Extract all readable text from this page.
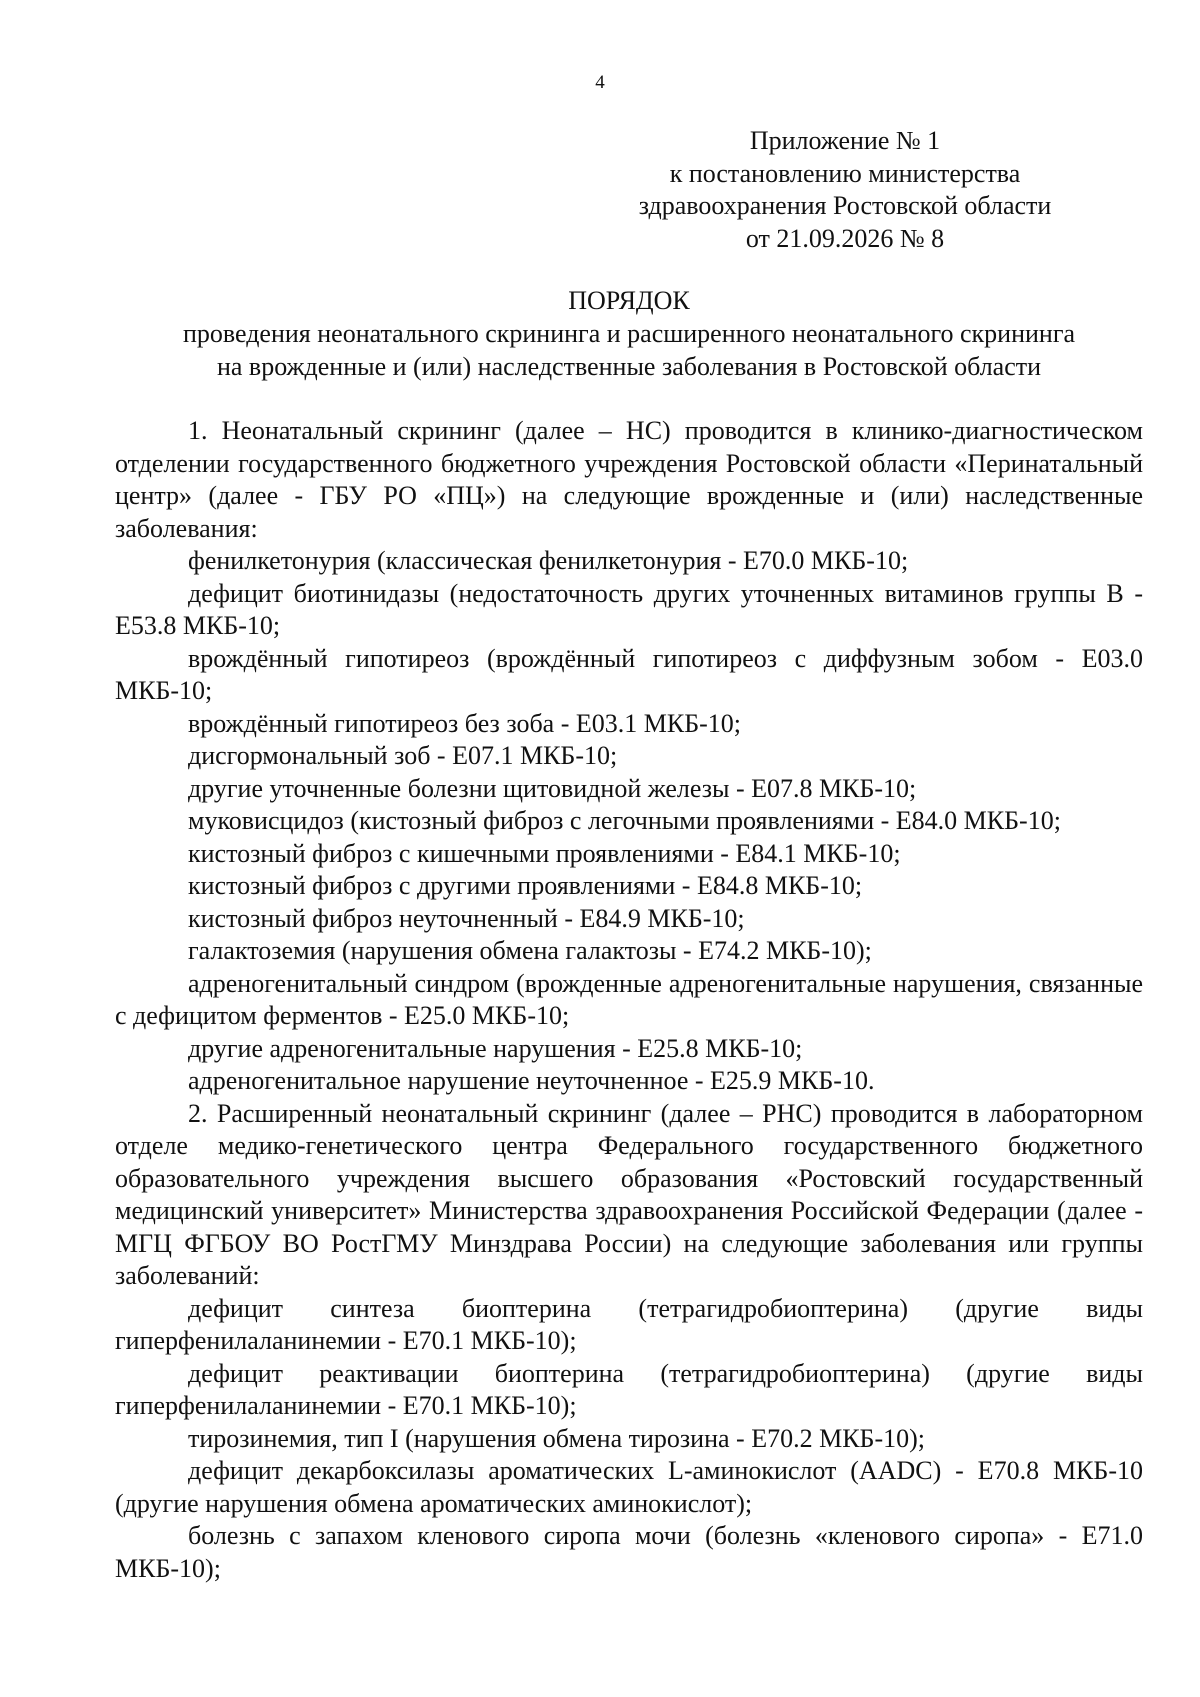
4
Приложение № 1
к постановлению министерства
здравоохранения Ростовской области
от 21.09.2026 № 8
ПОРЯДОК
проведения неонатального скрининга и расширенного неонатального скрининга
на врожденные и (или) наследственные заболевания в Ростовской области

1. Неонатальный скрининг (далее – НС) проводится в клинико-диагностическом отделении государственного бюджетного учреждения Ростовской области «Перинатальный центр» (далее - ГБУ РО «ПЦ») на следующие врожденные и (или) наследственные заболевания:

фенилкетонурия (классическая фенилкетонурия - E70.0 МКБ-10;

дефицит биотинидазы (недостаточность других уточненных витаминов группы B - E53.8 МКБ-10;

врождённый гипотиреоз (врождённый гипотиреоз с диффузным зобом - E03.0 МКБ-10;

врождённый гипотиреоз без зоба - E03.1 МКБ-10;

дисгормональный зоб - E07.1 МКБ-10;

другие уточненные болезни щитовидной железы - E07.8 МКБ-10;

муковисцидоз (кистозный фиброз с легочными проявлениями - E84.0 МКБ-10;

кистозный фиброз с кишечными проявлениями - E84.1 МКБ-10;

кистозный фиброз с другими проявлениями - E84.8 МКБ-10;

кистозный фиброз неуточненный - E84.9 МКБ-10;

галактоземия (нарушения обмена галактозы - E74.2 МКБ-10);

адреногенитальный синдром (врожденные адреногенитальные нарушения, связанные с дефицитом ферментов - E25.0 МКБ-10;

другие адреногенитальные нарушения - E25.8 МКБ-10;

адреногенитальное нарушение неуточненное - E25.9 МКБ-10.

2. Расширенный неонатальный скрининг (далее – РНС) проводится в лабораторном отделе медико-генетического центра Федерального государственного бюджетного образовательного учреждения высшего образования «Ростовский государственный медицинский университет» Министерства здравоохранения Российской Федерации (далее - МГЦ ФГБОУ ВО РостГМУ Минздрава России) на следующие заболевания или группы заболеваний:

дефицит синтеза биоптерина (тетрагидробиоптерина) (другие виды гиперфенилаланинемии - E70.1 МКБ-10);

дефицит реактивации биоптерина (тетрагидробиоптерина) (другие виды гиперфенилаланинемии - E70.1 МКБ-10);

тирозинемия, тип I (нарушения обмена тирозина - E70.2 МКБ-10);

дефицит декарбоксилазы ароматических L-аминокислот (AADC) - E70.8 МКБ-10 (другие нарушения обмена ароматических аминокислот);

болезнь с запахом кленового сиропа мочи (болезнь «кленового сиропа» - E71.0 МКБ-10);
